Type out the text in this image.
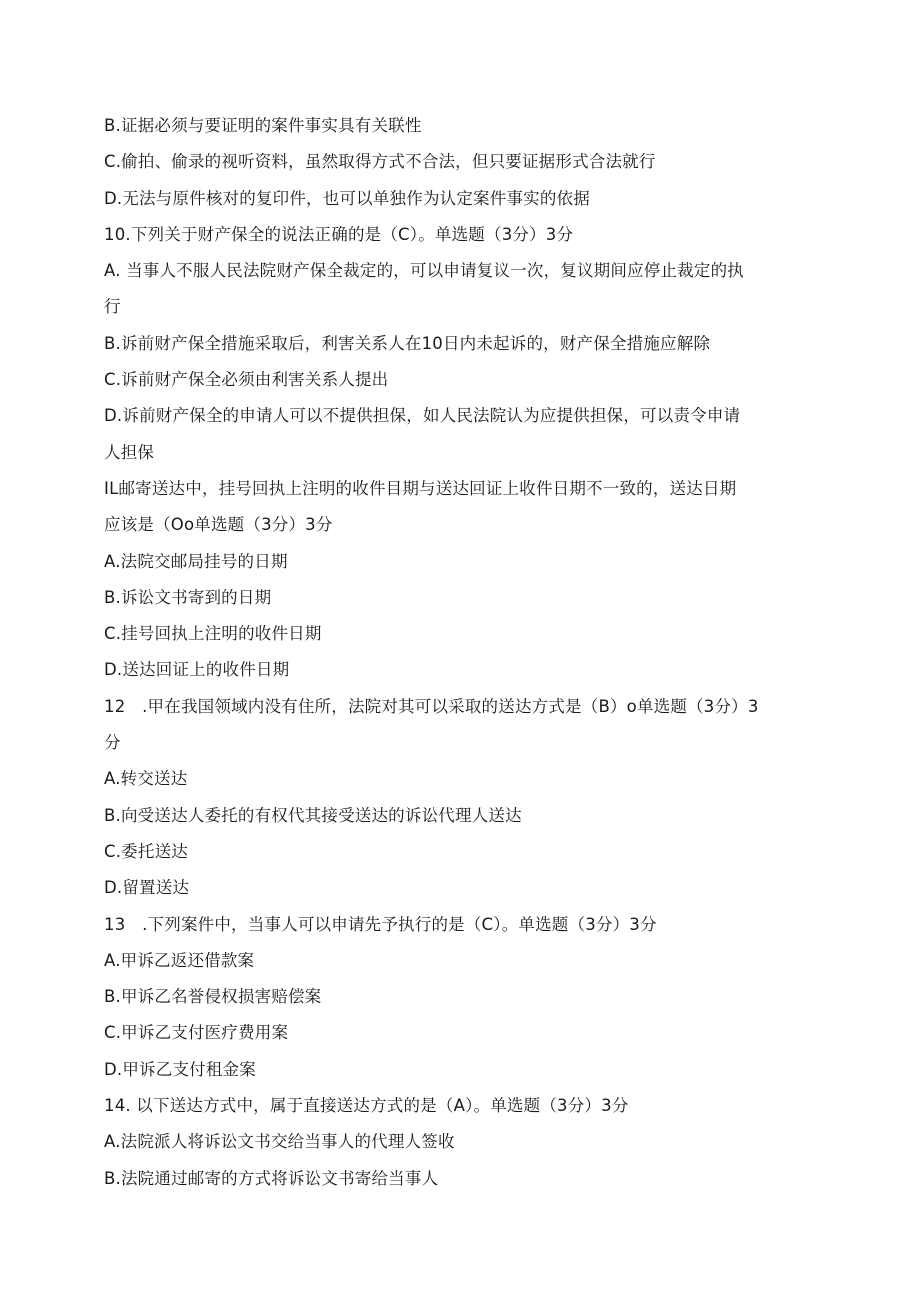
B.证据必须与要证明的案件事实具有关联性
C.偷拍、偷录的视听资料，虽然取得方式不合法，但只要证据形式合法就行
D.无法与原件核对的复印件，也可以单独作为认定案件事实的依据
10.下列关于财产保全的说法正确的是（C）。单选题（3分）3分
A. 当事人不服人民法院财产保全裁定的，可以申请复议一次，复议期间应停止裁定的执
行
B.诉前财产保全措施采取后，利害关系人在10日内未起诉的，财产保全措施应解除
C.诉前财产保全必须由利害关系人提出
D.诉前财产保全的申请人可以不提供担保，如人民法院认为应提供担保，可以责令申请
人担保
IL邮寄送达中，挂号回执上注明的收件目期与送达回证上收件日期不一致的，送达日期
应该是（Oo单选题（3分）3分
A.法院交邮局挂号的日期
B.诉讼文书寄到的日期
C.挂号回执上注明的收件日期
D.送达回证上的收件日期
12　.甲在我国领域内没有住所，法院对其可以采取的送达方式是（B）o单选题（3分）3
分
A.转交送达
B.向受送达人委托的有权代其接受送达的诉讼代理人送达
C.委托送达
D.留置送达
13　.下列案件中，当事人可以申请先予执行的是（C）。单选题（3分）3分
A.甲诉乙返还借款案
B.甲诉乙名誉侵权损害赔偿案
C.甲诉乙支付医疗费用案
D.甲诉乙支付租金案
14. 以下送达方式中，属于直接送达方式的是（A）。单选题（3分）3分
A.法院派人将诉讼文书交给当事人的代理人签收
B.法院通过邮寄的方式将诉讼文书寄给当事人
